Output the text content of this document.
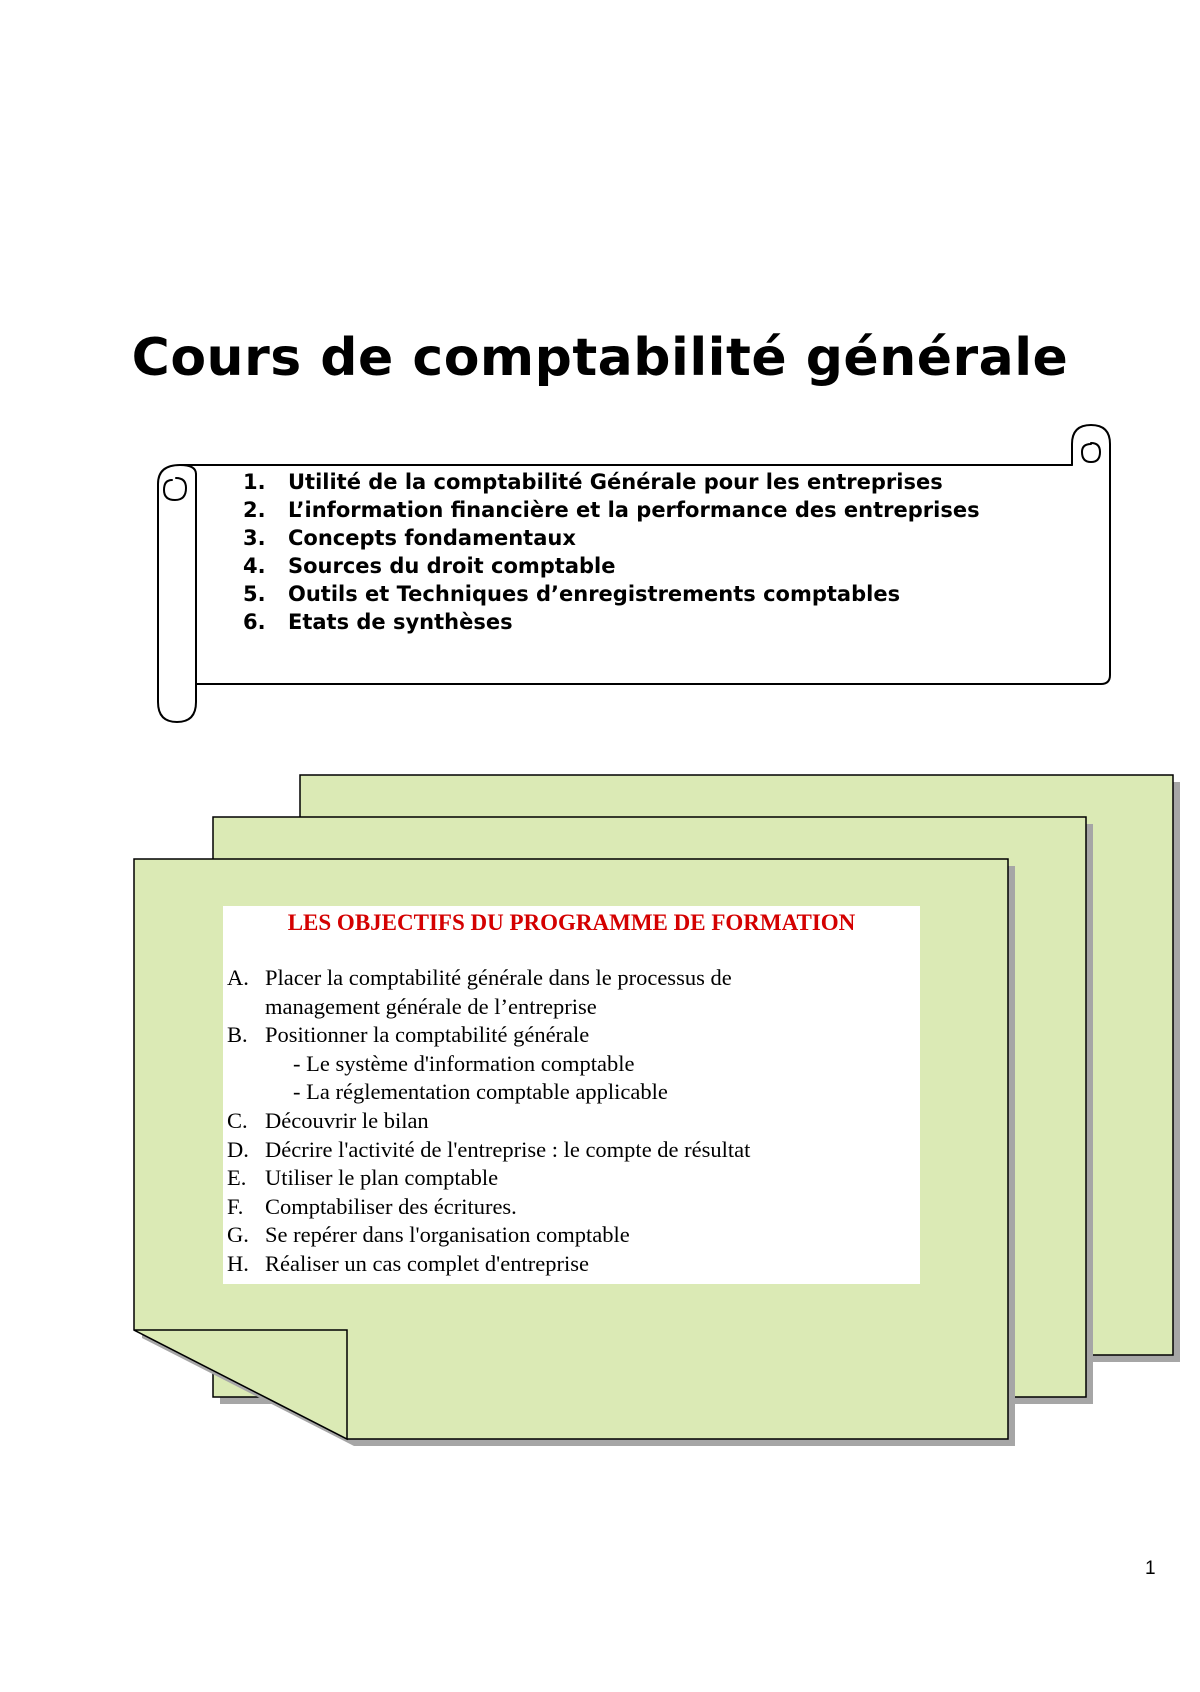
Cours de comptabilité générale
1. Utilité de la comptabilité Générale pour les entreprises
2. L’information financière et la performance des entreprises
3. Concepts fondamentaux
4. Sources du droit comptable
5. Outils et Techniques d’enregistrements comptables
6. Etats de synthèses
LES OBJECTIFS DU PROGRAMME DE FORMATION
A. Placer la comptabilité générale dans le processus de
management générale de l’entreprise
B. Positionner la comptabilité générale
- Le système d'information comptable
- La réglementation comptable applicable
C. Découvrir le bilan
D. Décrire l'activité de l'entreprise : le compte de résultat
E. Utiliser le plan comptable
F. Comptabiliser des écritures.
G. Se repérer dans l'organisation comptable
H. Réaliser un cas complet d'entreprise
1
